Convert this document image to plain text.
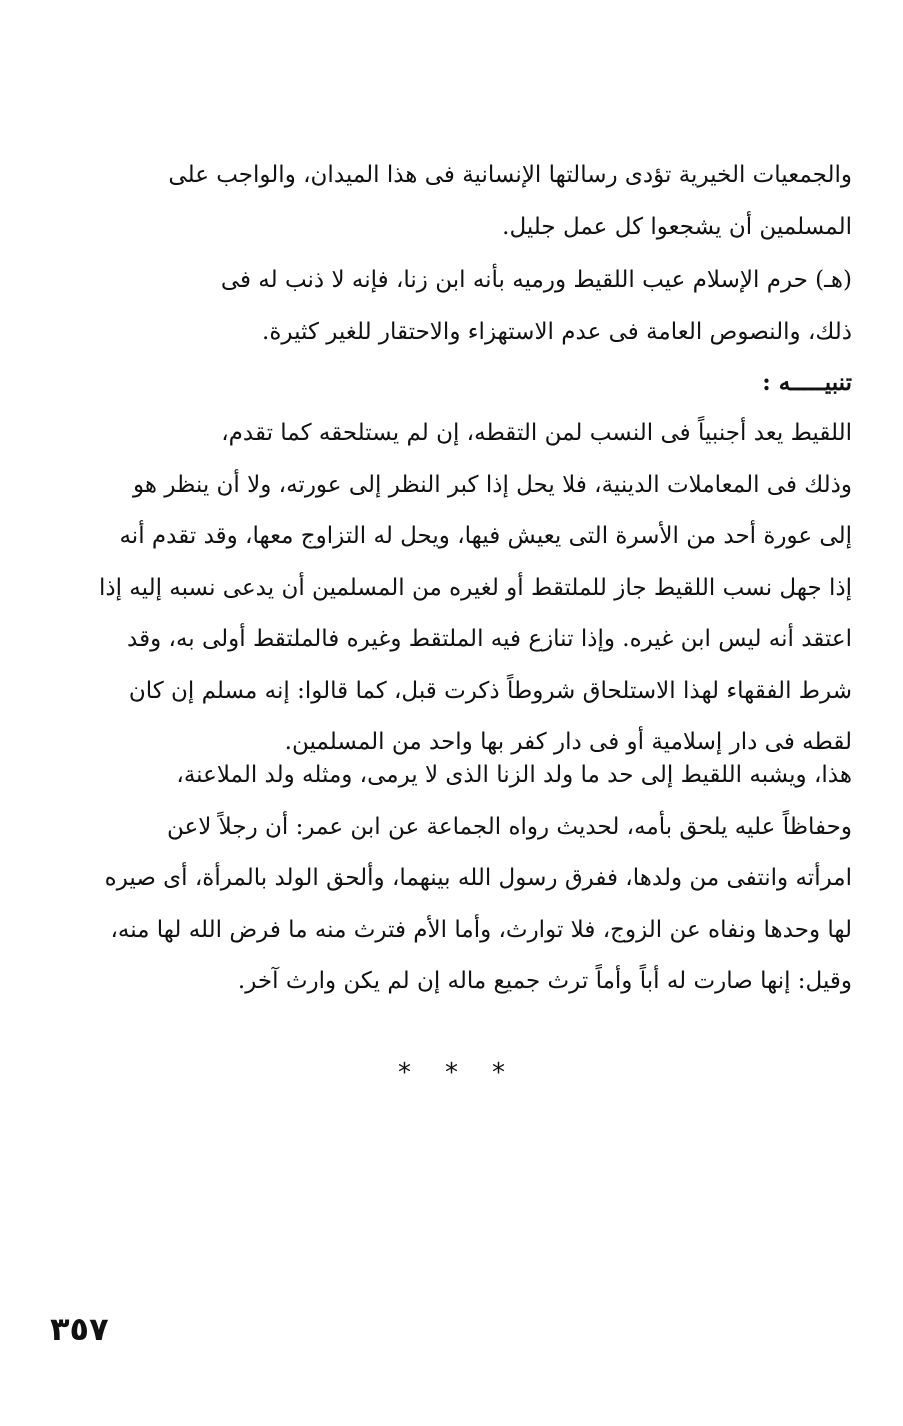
والجمعيات الخيرية تؤدى رسالتها الإنسانية فى هذا الميدان، والواجب على
المسلمين أن يشجعوا كل عمل جليل.
(هـ) حرم الإسلام عيب اللقيط ورميه بأنه ابن زنا، فإنه لا ذنب له فى
ذلك، والنصوص العامة فى عدم الاستهزاء والاحتقار للغير كثيرة.
تنبيـــــه :
اللقيط يعد أجنبياً فى النسب لمن التقطه، إن لم يستلحقه كما تقدم،
وذلك فى المعاملات الدينية، فلا يحل إذا كبر النظر إلى عورته، ولا أن ينظر هو
إلى عورة أحد من الأسرة التى يعيش فيها، ويحل له التزاوج معها، وقد تقدم أنه
إذا جهل نسب اللقيط جاز للملتقط أو لغيره من المسلمين أن يدعى نسبه إليه إذا
اعتقد أنه ليس ابن غيره. وإذا تنازع فيه الملتقط وغيره فالملتقط أولى به، وقد
شرط الفقهاء لهذا الاستلحاق شروطاً ذكرت قبل، كما قالوا: إنه مسلم إن كان
لقطه فى دار إسلامية أو فى دار كفر بها واحد من المسلمين.
هذا، ويشبه اللقيط إلى حد ما ولد الزنا الذى لا يرمى، ومثله ولد الملاعنة،
وحفاظاً عليه يلحق بأمه، لحديث رواه الجماعة عن ابن عمر: أن رجلاً لاعن
امرأته وانتفى من ولدها، ففرق رسول الله بينهما، وألحق الولد بالمرأة، أى صيره
لها وحدها ونفاه عن الزوج، فلا توارث، وأما الأم فترث منه ما فرض الله لها منه،
وقيل: إنها صارت له أباً وأماً ترث جميع ماله إن لم يكن وارث آخر.
***
٣٥٧
